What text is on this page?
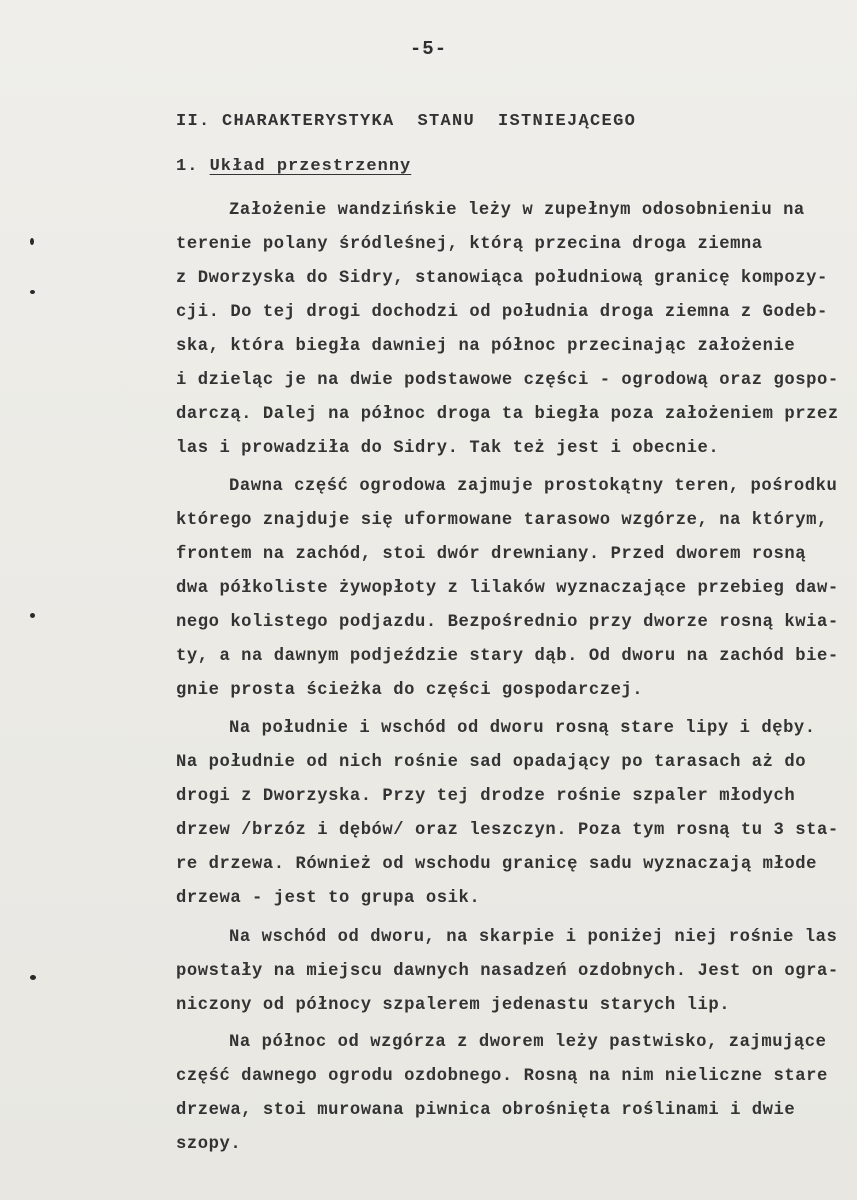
-5-
II. CHARAKTERYSTYKA  STANU  ISTNIEJĄCEGO
1. Układ przestrzenny
Założenie wandzińskie leży w zupełnym odosobnieniu na
terenie polany śródleśnej, którą przecina droga ziemna
z Dworzyska do Sidry, stanowiąca południową granicę kompozy-
cji. Do tej drogi dochodzi od południa droga ziemna z Godeb-
ska, która biegła dawniej na północ przecinając założenie
i dzieląc je na dwie podstawowe części - ogrodową oraz gospo-
darczą. Dalej na północ droga ta biegła poza założeniem przez
las i prowadziła do Sidry. Tak też jest i obecnie.
Dawna część ogrodowa zajmuje prostokątny teren, pośrodku
którego znajduje się uformowane tarasowo wzgórze, na którym,
frontem na zachód, stoi dwór drewniany. Przed dworem rosną
dwa półkoliste żywopłoty z lilaków wyznaczające przebieg daw-
nego kolistego podjazdu. Bezpośrednio przy dworze rosną kwia-
ty, a na dawnym podjeździe stary dąb. Od dworu na zachód bie-
gnie prosta ścieżka do części gospodarczej.
Na południe i wschód od dworu rosną stare lipy i dęby.
Na południe od nich rośnie sad opadający po tarasach aż do
drogi z Dworzyska. Przy tej drodze rośnie szpaler młodych
drzew /brzóz i dębów/ oraz leszczyn. Poza tym rosną tu 3 sta-
re drzewa. Również od wschodu granicę sadu wyznaczają młode
drzewa - jest to grupa osik.
Na wschód od dworu, na skarpie i poniżej niej rośnie las
powstały na miejscu dawnych nasadzeń ozdobnych. Jest on ogra-
niczony od północy szpalerem jedenastu starych lip.
Na północ od wzgórza z dworem leży pastwisko, zajmujące
część dawnego ogrodu ozdobnego. Rosną na nim nieliczne stare
drzewa, stoi murowana piwnica obrośnięta roślinami i dwie
szopy.
